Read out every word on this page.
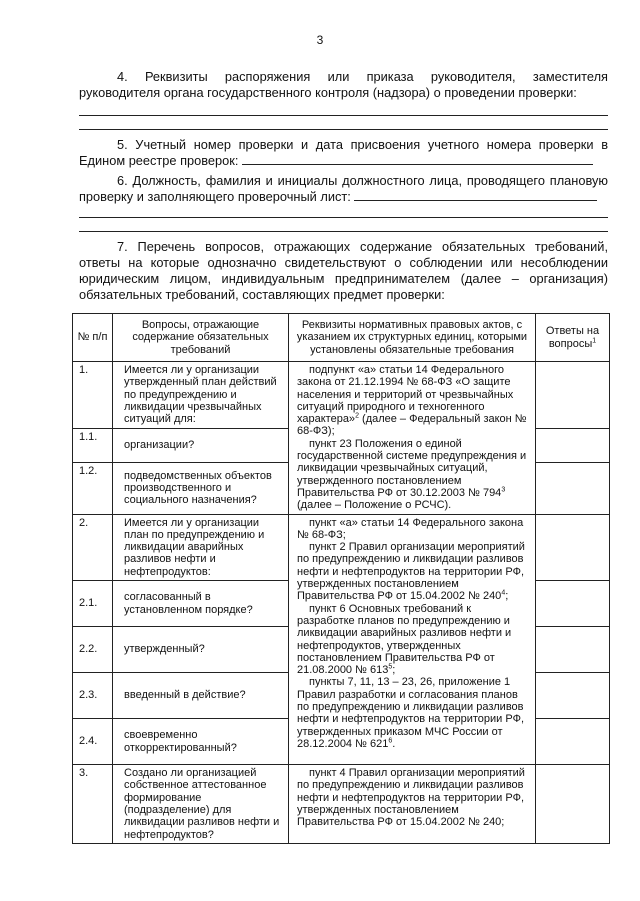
3
4. Реквизиты распоряжения или приказа руководителя, заместителя руководителя органа государственного контроля (надзора) о проведении проверки:
5. Учетный номер проверки и дата присвоения учетного номера проверки в Едином реестре проверок:
6. Должность, фамилия и инициалы должностного лица, проводящего плановую проверку и заполняющего проверочный лист:
7. Перечень вопросов, отражающих содержание обязательных требований, ответы на которые однозначно свидетельствуют о соблюдении или несоблюдении юридическим лицом, индивидуальным предпринимателем (далее – организация) обязательных требований, составляющих предмет проверки:
№ п/п	Вопросы, отражающие содержание обязательных требований	Реквизиты нормативных правовых актов, с указанием их структурных единиц, которыми установлены обязательные требования	Ответы на вопросы$^1$
1.	Имеется ли у организации утвержденный план действий по предупреждению и ликвидации чрезвычайных ситуаций для:	подпункт «а» статьи 14 Федерального закона от 21.12.1994 № 68-ФЗ «О защите населения и территорий от чрезвычайных ситуаций природного и техногенного характера»$^2$ (далее – Федеральный закон № 68-ФЗ);
пункт 23 Положения о единой государственной системе предупреждения и ликвидации чрезвычайных ситуаций, утвержденного постановлением Правительства РФ от 30.12.2003 № $794^3$ (далее – Положение о РСЧС).	

1.1.	организации?		
1.2.	подведомственных объектов производственного и социального назначения?		
2.	Имеется ли у организации план по предупреждению и ликвидации аварийных разливов нефти и нефтепродуктов:	пункт «а» статьи 14 Федерального закона № 68-ФЗ;
пункт 2 Правил организации мероприятий по предупреждению и ликвидации разливов нефти и нефтепродуктов на территории РФ, утвержденных постановлением Правительства РФ от 15.04.2002 № $240^4$;
пункт 6 Основных требований к разработке планов по предупреждению и ликвидации аварийных разливов нефти и нефтепродуктов, утвержденных постановлением Правительства РФ от 21.08.2000 № $613^5$;
пункты 7, 11, 13 – 23, 26, приложение 1 Правил разработки и согласования планов по предупреждению и ликвидации разливов нефти и нефтепродуктов на территории РФ, утвержденных приказом МЧС России от 28.12.2004 № $621^6$.	

2.1.	согласованный в установленном порядке?		
2.2.	утвержденный?		
2.3.	введенный в действие?		
2.4.	своевременно откорректированный?		
3.	Создано ли организацией собственное аттестованное формирование (подразделение) для ликвидации разливов нефти и нефтепродуктов?	пункт 4 Правил организации мероприятий по предупреждению и ликвидации разливов нефти и нефтепродуктов на территории РФ, утвержденных постановлением Правительства РФ от 15.04.2002 № 240;	
